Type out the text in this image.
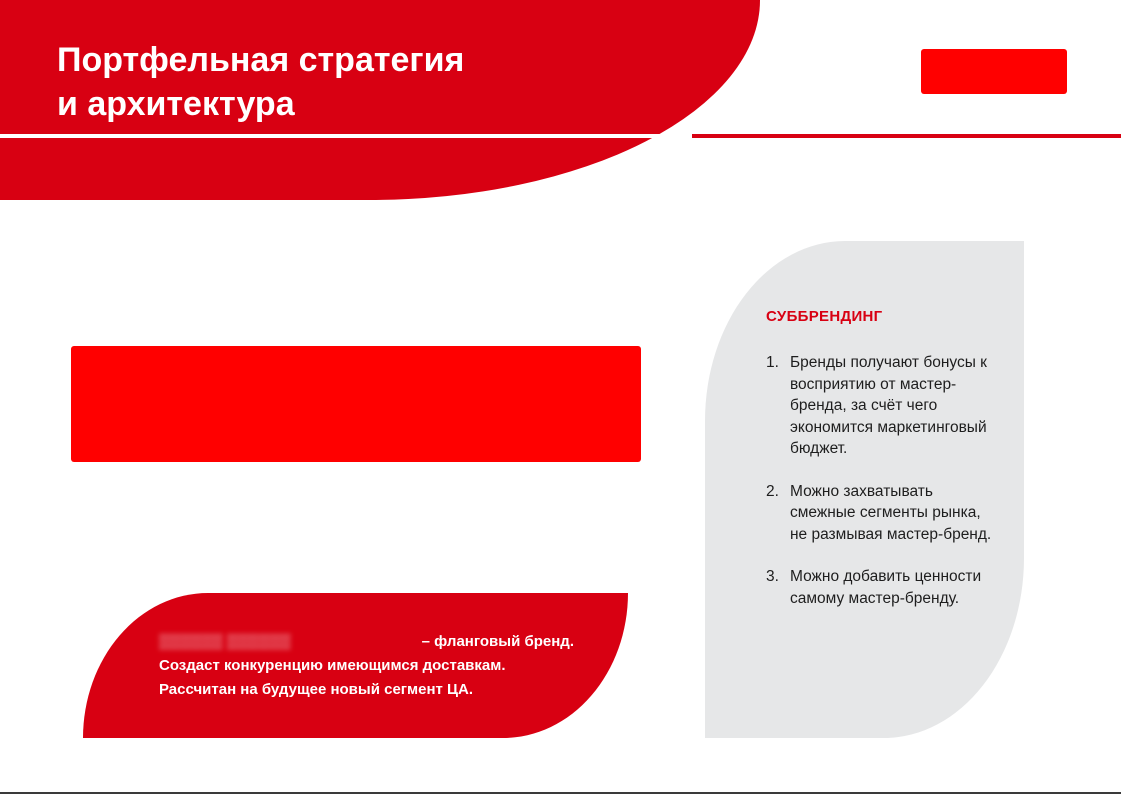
Портфельная стратегия
и архитектура
▒▒▒▒▒▒ ▒▒▒▒▒▒	– фланговый бренд.
Создаст конкуренцию имеющимся доставкам.
Рассчитан на будущее новый сегмент ЦА.
СУББРЕНДИНГ
1. Бренды получают бонусы к восприятию от мастер-бренда, за счёт чего экономится маркетинговый бюджет.
2. Можно захватывать смежные сегменты рынка, не размывая мастер-бренд.
3. Можно добавить ценности самому мастер-бренду.
